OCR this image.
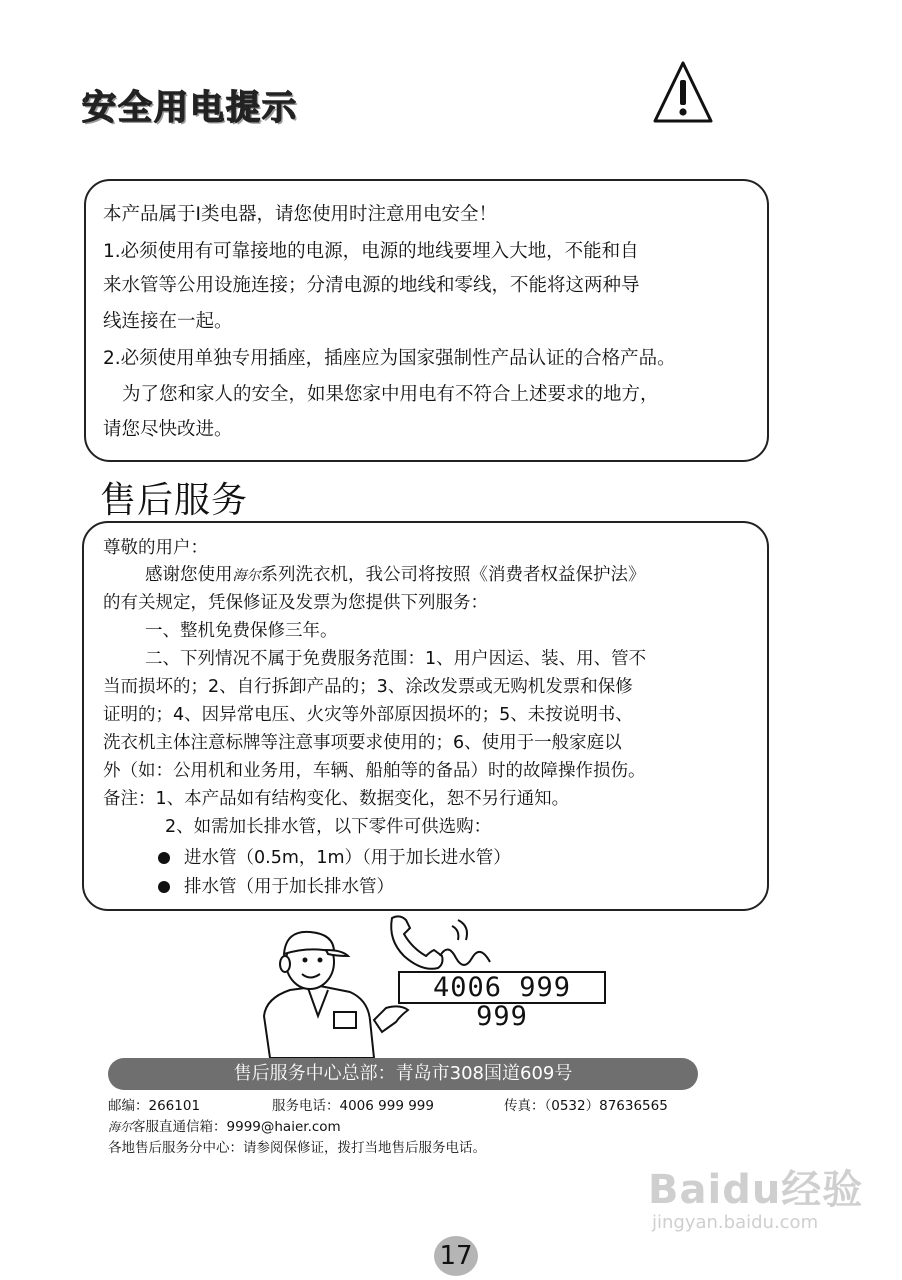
安全用电提示
本产品属于I类电器，请您使用时注意用电安全！
1.必须使用有可靠接地的电源，电源的地线要埋入大地，不能和自
来水管等公用设施连接；分清电源的地线和零线，不能将这两种导
线连接在一起。
2.必须使用单独专用插座，插座应为国家强制性产品认证的合格产品。
为了您和家人的安全，如果您家中用电有不符合上述要求的地方，
请您尽快改进。
售后服务
尊敬的用户：
感谢您使用海尔系列洗衣机，我公司将按照《消费者权益保护法》
的有关规定，凭保修证及发票为您提供下列服务：
一、整机免费保修三年。
二、下列情况不属于免费服务范围：1、用户因运、装、用、管不
当而损坏的；2、自行拆卸产品的；3、涂改发票或无购机发票和保修
证明的；4、因异常电压、火灾等外部原因损坏的；5、未按说明书、
洗衣机主体注意标牌等注意事项要求使用的；6、使用于一般家庭以
外（如：公用机和业务用，车辆、船舶等的备品）时的故障操作损伤。
备注：1、本产品如有结构变化、数据变化，恕不另行通知。
2、如需加长排水管，以下零件可供选购：
进水管（0.5m，1m）（用于加长进水管）
排水管（用于加长排水管）
4006 999 999
售后服务中心总部：青岛市308国道609号
邮编：266101	服务电话：4006 999 999	传真：（0532）87636565
海尔客服直通信箱：9999@haier.com
各地售后服务分中心：请参阅保修证，拨打当地售后服务电话。
Baidu经验
jingyan.baidu.com
17
